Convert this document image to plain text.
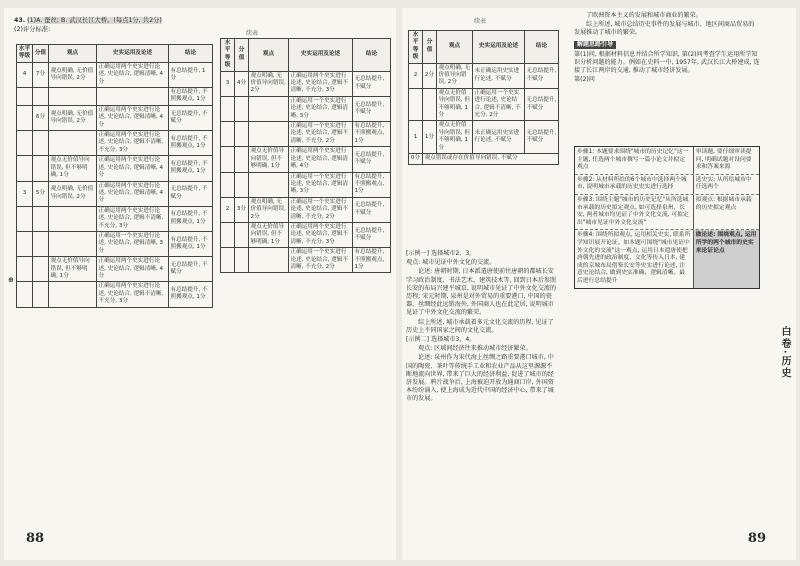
43. (1)A. 蚕丝; B. 武汉长江大桥。(每点1分, 共2分)
(2)评分标准:
续表
水平等级	分值	观点	史实运用及论述	结论
4	7分	观点明确, 无价值导向错误, 2分	正确运用两个史实进行论述, 史论结合, 逻辑清晰, 4分	有总结提升, 1分
				有总结提升, 不照搬观点, 1分
	6分	观点明确, 无价值导向错误, 2分	正确运用两个史实进行论述, 史论结合, 逻辑清晰, 4分	无总结提升, 不赋分
			正确运用两个史实进行论述, 史论结合, 逻辑不清晰, 不充分, 3分	有总结提升, 不照搬观点, 1分
		观点无价值导向错误, 但不够明确, 1分	正确运用两个史实进行论述, 史论结合, 逻辑清晰, 4分	有总结提升, 不照搬观点, 1分
3	5分	观点明确, 无价值导向错误, 2分	正确运用两个史实进行论述, 史论结合, 逻辑清晰, 4分	无总结提升, 不赋分
			正确运用两个史实进行论述, 史论结合, 逻辑不清晰, 不充分, 3分	有总结提升, 不照搬观点, 1分
			正确运用一个史实进行论述, 史论结合, 逻辑清晰, 3分	有总结提升, 不照搬观点, 1分
		观点无价值导向错误, 但不够明确, 1分	正确运用两个史实进行论述, 史论结合, 逻辑清晰, 4分	无总结提升, 不赋分
			正确运用两个史实进行论述, 史论结合, 逻辑不清晰, 不充分, 3分	有总结提升, 不照搬观点, 1分
水平等级	分值	观点	史实运用及论述	结论
3	4分	观点明确, 无价值导向错误, 2分	正确运用两个史实进行论述, 史论结合, 逻辑不清晰, 不充分, 3分	无总结提升, 不赋分
			正确运用一个史实进行论述, 史论结合, 逻辑清晰, 3分	无总结提升, 不赋分
			正确运用一个史实进行论述, 史论结合, 逻辑不清晰, 不充分, 2分	有总结提升, 不照搬观点, 1分
		观点无价值导向错误, 但不够明确, 1分	正确运用两个史实进行论述, 史论结合, 逻辑清晰, 4分	无总结提升, 不赋分
			正确运用一个史实进行论述, 史论结合, 逻辑清晰, 3分	有总结提升, 不照搬观点, 1分
2	3分	观点明确, 无价值导向错误, 2分	正确运用一个史实进行论述, 史论结合, 逻辑不清晰, 不充分, 2分	无总结提升, 不赋分
		观点无价值导向错误, 但不够明确, 1分	正确运用两个史实进行论述, 史论结合, 逻辑不清晰, 不充分, 3分	无总结提升, 不赋分
			正确运用一个史实进行论述, 史论结合, 逻辑不清晰, 不充分, 2分	有总结提升, 不照搬观点, 1分
⊕
88
续表
水平等级	分值	观点	史实运用及论述	结论
2	2分	观点明确, 无价值导向错误, 2分	未正确运用史实进行论述, 不赋分	无总结提升, 不赋分
		观点无价值导向错误, 但不够明确, 1分	正确运用一个史实进行论述, 史论结合, 逻辑不清晰, 不充分, 2分	无总结提升, 不赋分
1	1分	观点无价值导向错误, 但不够明确, 1分	未正确运用史实进行论述, 不赋分	无总结提升, 不赋分
0分	观点错误或存在价值导向错误, 不赋分			

[示例一] 选择城市2、3。

观点: 城市见证中外文化的交流。

论述: 唐朝时期, 日本派遣唐使前往唐朝的都城长安学习政治制度、书法艺术、建筑技术等, 回到日本后参照长安的布局兴建平城京, 说明城市见证了中外文化交流的历程; 宋元时期, 泉州是对外贸易的重要港口, 中国的瓷器、丝绸经此远销海外, 外国商人也在此定居, 说明城市见证了中外文化交流的繁荣。

综上所述, 城市承载着多元文化交流的历程, 见证了历史上不同国家之间的文化交流。

[示例二] 选择城市3、4。

观点: 区域间经济往来推动城市经济繁荣。

论述: 泉州作为宋代海上丝绸之路重要港口城市, 中国的陶瓷、茶叶等传统手工业和农业产品从这里源源不断地流向世界, 带来了巨大的经济利益, 促进了城市的经济发展。鸦片战争后, 上海被迫开放为通商口岸, 外国资本纷纷涌入, 使上海成为近代中国的经济中心, 带来了城市的发展。

了欧洲资本主义的发展和城市商业的繁荣。

综上所述, 城市总结历史事件的发展与城市、地区间商品贸易的发展推动了城市的繁荣。

解题思路引导

第(1)问, 根据材料信息并结合所学知识, 第(2)问考查学生运用所学知识分析问题的能力。例如在史料一中, 1957年, 武汉长江大桥建成, 连接了长江两岸的交通, 推动了城市经济发展。

第(2)问

步骤1: 本题要求围绕"城市的历史记忆"这一主题, 任选两个城市撰写一篇小论文并拟定观点
审读题, 要仔细审读提问, 明确试题对设问要求和答案来源
步骤2: 从材料所给的6个城市中选择两个城市, 说明城市承载的历史史实进行选择
选史实: 从所给城市中任选两个
步骤3: 围绕主题"城市的历史记忆"从所选城市承载的历史拟定观点, 如可选择泉州、长安, 两者城市均见证了中外文化交流, 可拟定出"城市见证中外文化交流"
拟观点: 根据城市承载的历史拟定观点
步骤4: 围绕所拟观点, 运用相关史实, 联系所学知识展开论证。如本题可围绕"城市见证中外文化的交流"这一观点, 运用日本遣唐使把唐朝先进的政治制度、文化等传入日本, 建成的京城布局借鉴长安等史实进行论述, 注意史论结合, 做到史实准确、逻辑清晰。最后进行总结提升
做论述: 围绕观点, 运用所学的两个城市的史实来论证论点
白卷·历史
89
